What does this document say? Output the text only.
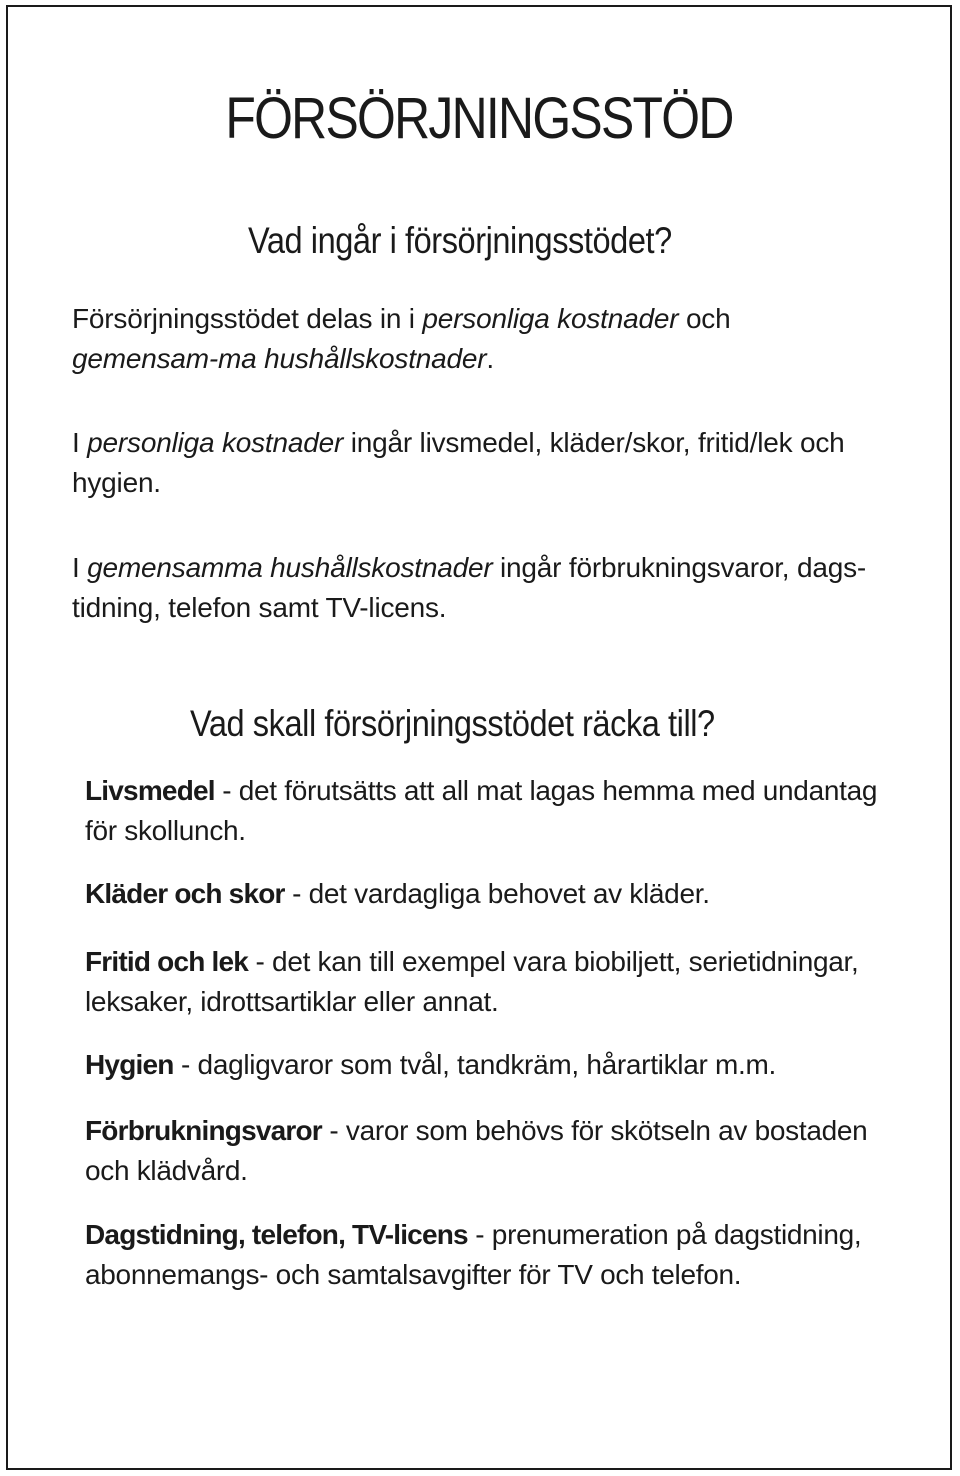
FÖRSÖRJNINGSSTÖD
Vad ingår i försörjningsstödet?

Försörjningsstödet delas in i personliga kostnader och gemensam-ma hushållskostnader.

I personliga kostnader ingår livsmedel, kläder/skor, fritid/lek och hygien.

I gemensamma hushållskostnader ingår förbrukningsvaror, dags-tidning, telefon samt TV-licens.

Vad skall försörjningsstödet räcka till?

Livsmedel - det förutsätts att all mat lagas hemma med undantag för skollunch.

Kläder och skor - det vardagliga behovet av kläder.

Fritid och lek - det kan till exempel vara biobiljett, serietidningar, leksaker, idrottsartiklar eller annat.

Hygien - dagligvaror som tvål, tandkräm, hårartiklar m.m.

Förbrukningsvaror - varor som behövs för skötseln av bostaden och klädvård.

Dagstidning, telefon, TV-licens - prenumeration på dagstidning, abonnemangs- och samtalsavgifter för TV och telefon.
